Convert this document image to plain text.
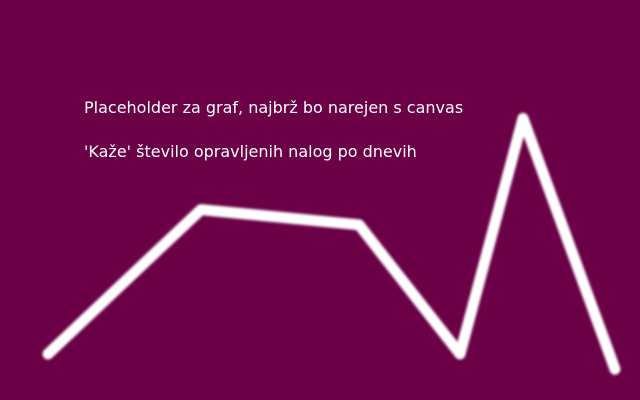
Placeholder za graf, najbrž bo narejen s canvas
'Kaže' število opravljenih nalog po dnevih
